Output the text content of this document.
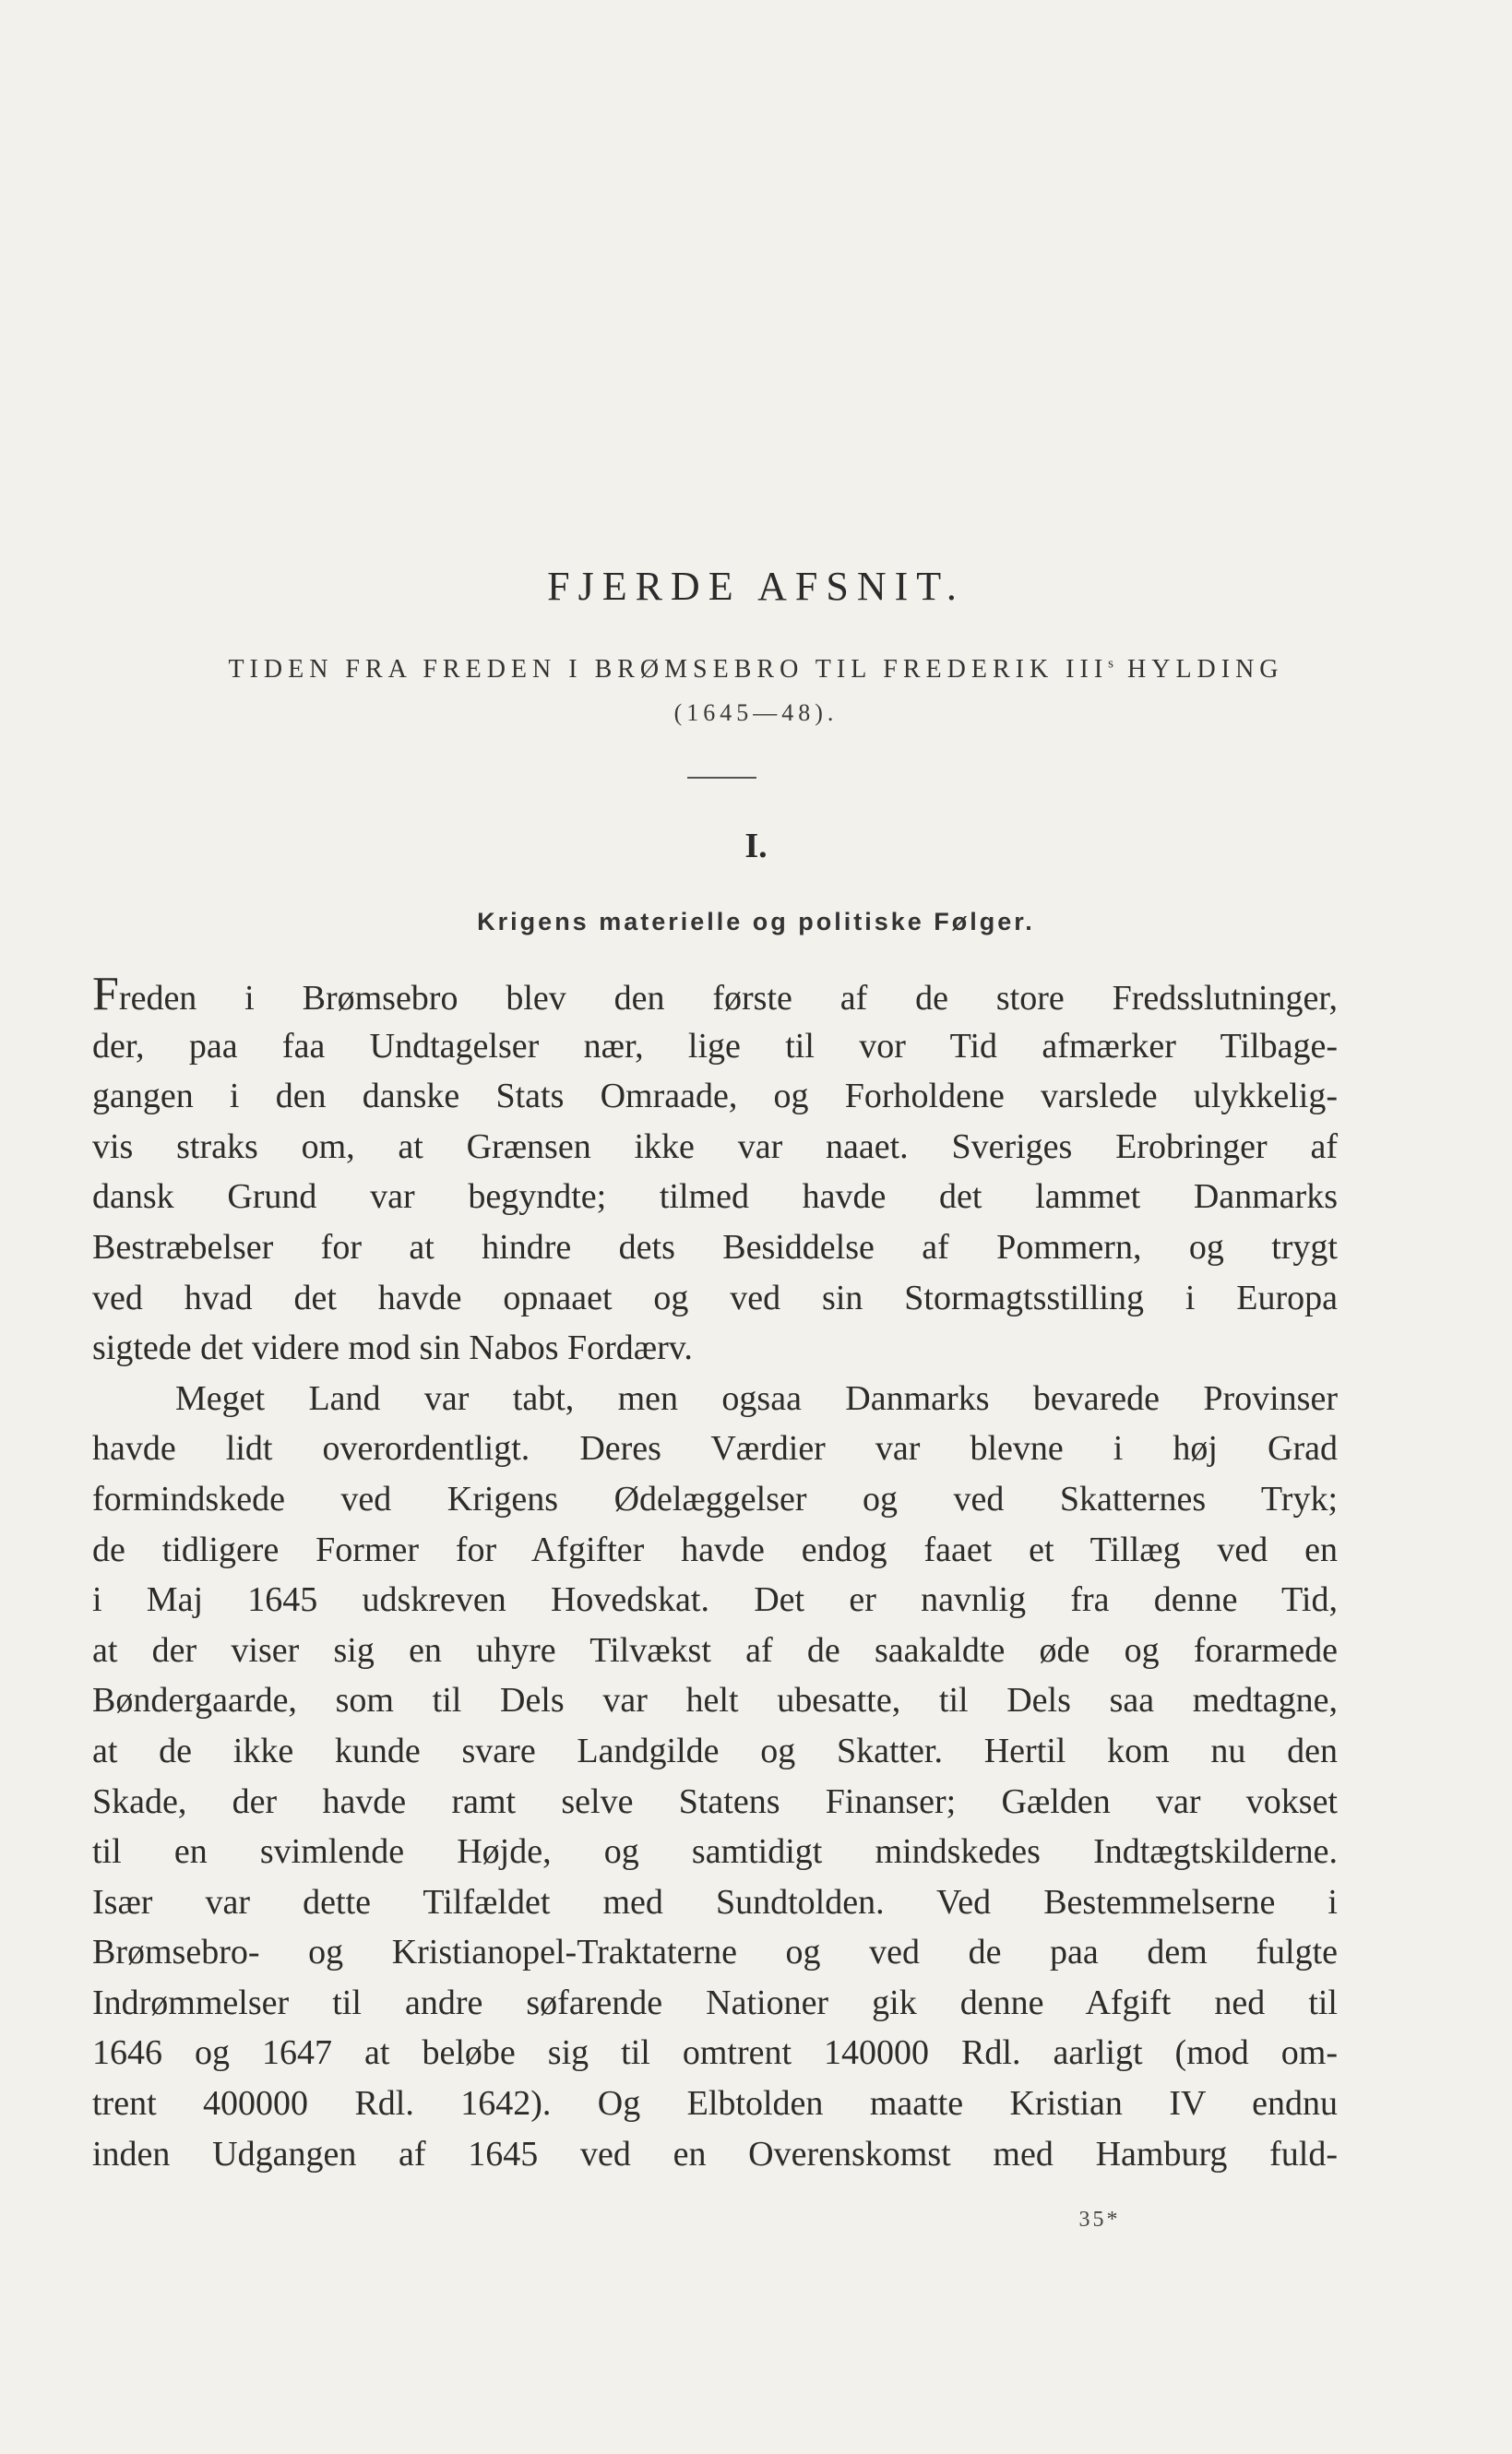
FJERDE AFSNIT.

TIDEN FRA FREDEN I BRØMSEBRO TIL FREDERIK III$^s$ HYLDING

(1645—48).

I.
Krigens materielle og politiske Følger.
Freden i Brømsebro blev den første af de store Fredsslutninger,
der, paa faa Undtagelser nær, lige til vor Tid afmærker Tilbage-
gangen i den danske Stats Omraade, og Forholdene varslede ulykkelig-
vis straks om, at Grænsen ikke var naaet. Sveriges Erobringer af
dansk Grund var begyndte; tilmed havde det lammet Danmarks
Bestræbelser for at hindre dets Besiddelse af Pommern, og trygt
ved hvad det havde opnaaet og ved sin Stormagtsstilling i Europa
sigtede det videre mod sin Nabos Fordærv.
Meget Land var tabt, men ogsaa Danmarks bevarede Provinser
havde lidt overordentligt. Deres Værdier var blevne i høj Grad
formindskede ved Krigens Ødelæggelser og ved Skatternes Tryk;
de tidligere Former for Afgifter havde endog faaet et Tillæg ved en
i Maj 1645 udskreven Hovedskat. Det er navnlig fra denne Tid,
at der viser sig en uhyre Tilvækst af de saakaldte øde og forarmede
Bøndergaarde, som til Dels var helt ubesatte, til Dels saa medtagne,
at de ikke kunde svare Landgilde og Skatter. Hertil kom nu den
Skade, der havde ramt selve Statens Finanser; Gælden var vokset
til en svimlende Højde, og samtidigt mindskedes Indtægtskilderne.
Især var dette Tilfældet med Sundtolden. Ved Bestemmelserne i
Brømsebro- og Kristianopel-Traktaterne og ved de paa dem fulgte
Indrømmelser til andre søfarende Nationer gik denne Afgift ned til
1646 og 1647 at beløbe sig til omtrent 140000 Rdl. aarligt (mod om-
trent 400000 Rdl. 1642). Og Elbtolden maatte Kristian IV endnu
inden Udgangen af 1645 ved en Overenskomst med Hamburg fuld-

35*
